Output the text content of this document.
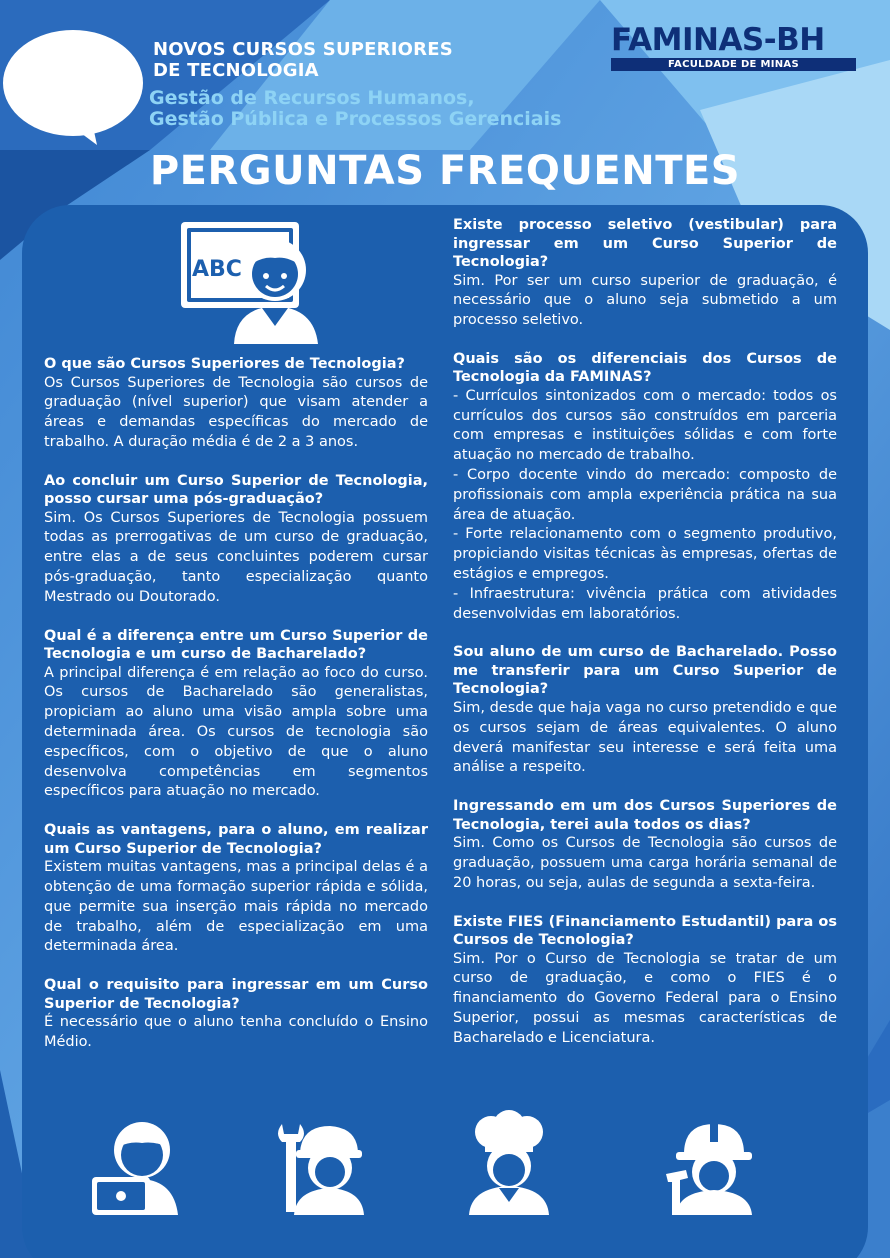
NOVOS CURSOS SUPERIORES
DE TECNOLOGIA

Gestão de Recursos Humanos,
Gestão Pública e Processos Gerenciais

FAMINAS-BH
FACULDADE DE MINAS
PERGUNTAS FREQUENTES
ABC

O que são Cursos Superiores de Tecnologia?

Os Cursos Superiores de Tecnologia são cursos de graduação (nível superior) que visam atender a áreas e demandas específicas do mercado de trabalho. A duração média é de 2 a 3 anos.

Ao concluir um Curso Superior de Tecnologia, posso cursar uma pós-graduação?

Sim. Os Cursos Superiores de Tecnologia possuem todas as prerrogativas de um curso de graduação, entre elas a de seus concluintes poderem cursar pós-graduação, tanto especialização quanto Mestrado ou Doutorado.

Qual é a diferença entre um Curso Superior de Tecnologia e um curso de Bacharelado?

A principal diferença é em relação ao foco do curso. Os cursos de Bacharelado são generalistas, propiciam ao aluno uma visão ampla sobre uma determinada área. Os cursos de tecnologia são específicos, com o objetivo de que o aluno desenvolva competências em segmentos específicos para atuação no mercado.

Quais as vantagens, para o aluno, em realizar um Curso Superior de Tecnologia?

Existem muitas vantagens, mas a principal delas é a obtenção de uma formação superior rápida e sólida, que permite sua inserção mais rápida no mercado de trabalho, além de especialização em uma determinada área.

Qual o requisito para ingressar em um Curso Superior de Tecnologia?

É necessário que o aluno tenha concluído o Ensino Médio.

Existe processo seletivo (vestibular) para ingressar em um Curso Superior de Tecnologia?

Sim. Por ser um curso superior de graduação, é necessário que o aluno seja submetido a um processo seletivo.

Quais são os diferenciais dos Cursos de Tecnologia da FAMINAS?

- Currículos sintonizados com o mercado: todos os currículos dos cursos são construídos em parceria com empresas e instituições sólidas e com forte atuação no mercado de trabalho.
- Corpo docente vindo do mercado: composto de profissionais com ampla experiência prática na sua área de atuação.
- Forte relacionamento com o segmento produtivo, propiciando visitas técnicas às empresas, ofertas de estágios e empregos.
- Infraestrutura: vivência prática com atividades desenvolvidas em laboratórios.

Sou aluno de um curso de Bacharelado. Posso me transferir para um Curso Superior de Tecnologia?

Sim, desde que haja vaga no curso pretendido e que os cursos sejam de áreas equivalentes. O aluno deverá manifestar seu interesse e será feita uma análise a respeito.

Ingressando em um dos Cursos Superiores de Tecnologia, terei aula todos os dias?

Sim. Como os Cursos de Tecnologia são cursos de graduação, possuem uma carga horária semanal de 20 horas, ou seja, aulas de segunda a sexta-feira.

Existe FIES (Financiamento Estudantil) para os Cursos de Tecnologia?

Sim. Por o Curso de Tecnologia se tratar de um curso de graduação, e como o FIES é o financiamento do Governo Federal para o Ensino Superior, possui as mesmas características de Bacharelado e Licenciatura.
